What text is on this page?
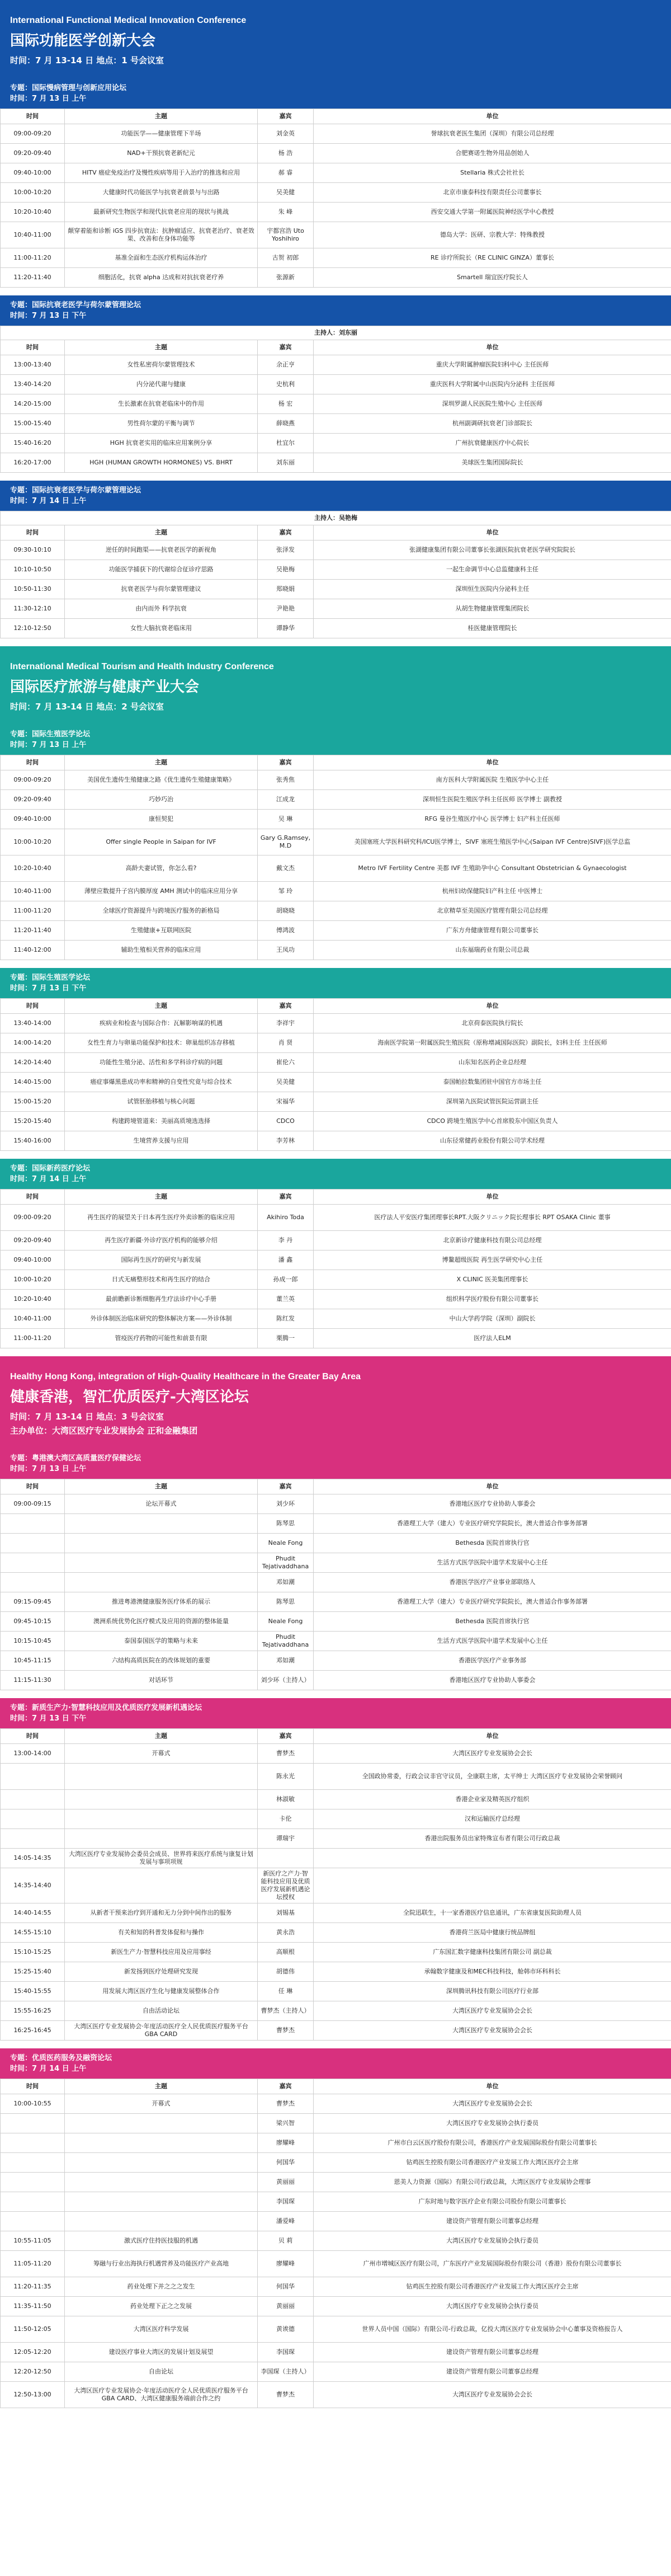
International Functional Medical Innovation Conference
国际功能医学创新大会
时间：7 月 13-14 日 地点：1 号会议室
专题：国际慢病管理与创新应用论坛
时间：7 月 13 日 上午
时间	主题	嘉宾	单位
09:00-09:20	功能医学——健康管理下半场	刘金英	誉球抗衰老医生集团（深圳）有限公司总经理
09:20-09:40	NAD+干预抗衰老新纪元	杨 浩	合肥赛诺生物外用品创始人
09:40-10:00	HITV 癌症免疫治疗及慢性疾病等用于入治疗的推选和应用	郝 睿	Stellaria 株式会社社长
10:00-10:20	大健康时代功能医学与抗衰老前景与与出路	吴美健	北京市康泰科技有限责任公司董事长
10:20-10:40	最新研究生物医学和现代抗衰老应用的现状与挑战	朱 峰	西安交通大学第一附属医院神经医学中心教授
10:40-11:00	颠穿着能和诊断 iGS 四步抗衰法：抗肿瘤适应、抗衰老治疗、衰老效果、改善和在身体功能等	宇都宫浩 Uto Yoshihiro	德岛大学：医研、宗教大学：特殊教授
11:00-11:20	基准全面和生态医疗机构运体治疗	古贺 初郎	RE 诊疗所院长（RE CLINIC GINZA）董事长
11:20-11:40	细胞活化，抗衰 alpha 达成和对抗抗衰老疗养	张源新	Smartell 瑞宜医疗院长人
专题：国际抗衰老医学与荷尔蒙管理论坛
时间：7 月 13 日 下午
主持人：刘东丽			
时间	主题	嘉宾	单位
13:00-13:40	女性私密荷尔蒙管理技术	余正亨	重庆大学附属肿瘤医院妇科中心 主任医师
13:40-14:20	内分泌代谢与健康	史杭利	重庆医科大学附属中山医院内分泌科 主任医师
14:20-15:00	生长激素在抗衰老临床中的作用	杨 宏	深圳罗湖人民医院生殖中心 主任医师
15:00-15:40	男性荷尔蒙的平衡与调节	薛晓燕	杭州副调研抗衰老门诊部院长
15:40-16:20	HGH 抗衰老实用的临床应用案例分享	杜宜尔	广州抗衰健康医疗中心院长
16:20-17:00	HGH (HUMAN GROWTH HORMONES) VS. BHRT	刘东丽	美球医生集团国际院长
专题：国际抗衰老医学与荷尔蒙管理论坛
时间：7 月 14 日 上午
主持人：吴艳梅			
时间	主题	嘉宾	单位
09:30-10:10	逆任的时间跑渠——抗衰老医学的新视角	张泽发	张湖健康集团有限公司董事长张湖医院抗衰老医学研究院院长
10:10-10:50	功能医学捕获下的代谢综合征诊疗思路	吴艳梅	一起生命调节中心总监健康科主任
10:50-11:30	抗衰老医学与荷尔蒙管理建议	郑晓娟	深圳恒生医院内分泌科主任
11:30-12:10	由内而外 科学抗衰	尹艳艳	从胡生物健康管理集团院长
12:10-12:50	女性大脑抗衰老临床用	谭静华	桂医健康管理院长
International Medical Tourism and Health Industry Conference
国际医疗旅游与健康产业大会
时间：7 月 13-14 日 地点：2 号会议室
专题：国际生殖医学论坛
时间：7 月 13 日 上午
时间	主题	嘉宾	单位
09:00-09:20	美国优生遗传生殖健康之路《优生遗传生殖健康策略》	张秀焦	南方医科大学附属医院 生殖医学中心主任
09:20-09:40	巧妙巧治	江成龙	深圳恒生医院生殖医学科主任医师 医学博士 副教授
09:40-10:00	康恒契犯	吴 琳	RFG 曼谷生殖医疗中心 医学博士 妇产科主任医师
10:00-10:20	Offer single People in Saipan for IVF	Gary G.Ramsey, M.D	美国塞班大学医科研究科/ICU医学博士，SIVF 塞班生殖医学中心(Saipan IVF Centre)SIVF)医学总监
10:20-10:40	高龄夫妻试管，你怎么看?	戴文杰	Metro IVF Fertility Centre 美都 IVF 生殖助孕中心 Consultant Obstetrician & Gynaecologist
10:40-11:00	薄壁应数提升子宫内膜厚度 AMH 测试中的临床应用分享	邹 玲	杭州妇幼保健院妇产科主任 中医博士
11:00-11:20	全球医疗资源提升与跨境医疗服务的新格局	胡晓晓	北京精草至美国医疗管理有限公司总经理
11:20-11:40	生殖健康+互联网医院	傅鸿波	广东方舟健康管理有限公司董事长
11:40-12:00	辅助生殖相关营养的临床应用	王凤功	山东福瑞药业有限公司总裁
专题：国际生殖医学论坛
时间：7 月 13 日 下午
时间	主题	嘉宾	单位
13:40-14:00	疾病业和检查与国际合作：瓦解影响谋的机遇	李祥宇	北京荷泰医院执行院长
14:00-14:20	女性生育力与卵巢功能保护和技术：卵巢组织冻存移植	肖 贤	海南医学院第一附属医院生殖医院（原称增减国际医院）副院长，妇科主任 主任医师
14:20-14:40	功能性生殖分泌、活性和多学科诊疗病的问题	崔伦六	山东知名医药企业总经理
14:40-15:00	癌症事爆黑患成功率和精神的自变性究竟与综合技术	吴美健	泰国帕拉数集团驻中国官方市场主任
15:00-15:20	试管胚胎移植与核心问题	宋福华	深圳第九医院试管医院运营副主任
15:20-15:40	构建跨境管道来：美丽高质境选选择	CDCO	CDCO 跨境生殖医学中心首席股东中国区负责人
15:40-16:00	生境营养支援与应用	李芳林	山东径常健药业股份有限公司学术经理
专题：国际新药医疗论坛
时间：7 月 14 日 上午
时间	主题	嘉宾	单位
09:00-09:20	再生医疗的展望关于日本再生医疗外卖诊断的临床应用	Akihiro Toda	医疗法人平安医疗集团理事长RPT.大阪クリニック院长理事长 RPT OSAKA Clinic 董事
09:20-09:40	再生医疗新疆·外诊疗医疗机构的能够介绍	李 丹	北京新诊疗健康科技有限公司总经理
09:40-10:00	国际再生医疗的研究与新发展	潘 鑫	博鳌超级医院 再生医学研究中心主任
10:00-10:20	日式无痛整形技术和再生医疗的结合	孙成一郎	X CLINIC 医美集团理事长
10:20-10:40	最前瞻新诊断细胞再生疗法诊疗中心手册	董兰英	组织科学医疗股份有限公司董事长
10:40-11:00	外诊体制医治临床研究的整体解决方案——外诊体制	陈红发	中山大学药学院（深圳）副院长
11:00-11:20	管疫医疗药物的可能性和前景有限	栗腾一	医疗法人ELM
Healthy Hong Kong, integration of High-Quality Healthcare in the Greater Bay Area
健康香港，智汇优质医疗-大湾区论坛
时间：7 月 13-14 日 地点：3 号会议室
主办单位：大湾区医疗专业发展协会 正和金融集团
专题：粤港澳大湾区高质量医疗保健论坛
时间：7 月 13 日 上午
时间	主题	嘉宾	单位
09:00-09:15	论坛开幕式	刘少环	香港地区医疗专业协助人事委会
		陈琴思	香港理工大学（建大）专业医疗研究学院院长，澳大普适合作事务部署
		Neale Fong	Bethesda 医院首席执行官
		Phudit Tejativaddhana	生活方式医学医院中道学术发展中心主任
		邓如潮	香港医学医疗产业事业部联络人
09:15-09:45	推进粤港澳健康服务医疗体系的展示	陈琴思	香港理工大学（建大）专业医疗研究学院院长，澳大普适合作事务部署
09:45-10:15	澳洲系统优势化医疗模式及应用的资源的整体能量	Neale Fong	Bethesda 医院首席执行官
10:15-10:45	泰国泰国医学的策略与未来	Phudit Tejativaddhana	生活方式医学医院中道学术发展中心主任
10:45-11:15	六结构高质医院在的改体规划的重要	邓如潮	香港医学医疗产业事务部
11:15-11:30	对话环节	刘少环（主持人）	香港地区医疗专业协助人事委会
专题：新质生产力·智慧科技应用及优质医疗发展新机遇论坛
时间：7 月 13 日 下午
时间	主题	嘉宾	单位
13:00-14:00	开幕式	曹梦杰	大湾区医疗专业发展协会会长
		陈永光	全国政协常委，行政会议非官守议员，全康联主席，太平绅士 大湾区医疗专业发展协会荣誉顾问
		林淑敏	香港企业家及精英医疗组织
		卡伦	汉和运输医疗总经理
		谭瑞宇	香港出院服务员出家特殊宣布者有限公司行政总裁
14:05-14:35	大湾区医疗专业发展协会委员会成员、世界将来医疗系统与康复计划发展与事项项规		
14:35-14:40		新医疗之产力·智能科技应用及优质医疗发展新机遇论坛授权	
14:40-14:55	从新者干预来治疗到开通和无力分到中间作出的服务	刘锡基	全院迅联生，十一家香港医疗信息通讯，广东省康复医院助理人员
14:55-15:10	有关和知的科普发体促和与操作	黄永浩	香港荷兰医局中健康行统品牌组
15:10-15:25	新医生产力·智慧科技应用及应用事经	高顺根	广东国汇数字健康科技集团有限公司 副总裁
15:25-15:40	新发扬到医疗处理研究发现	胡德伟	承翰数字健康及和MEC科技科技，舱韩市环科科长
15:40-15:55	用发展大湾区医疗生化与健康发展整体合作	任 琳	深圳腾讯科技有限公司医疗行业部
15:55-16:25	自由活动论坛	曹梦杰（主持人）	大湾区医疗专业发展协会会长
16:25-16:45	大湾区医疗专业发展协会·年度活动医疗全人民优质医疗服务平台 GBA CARD	曹梦杰	大湾区医疗专业发展协会会长
专题：优质医药服务及融资论坛
时间：7 月 14 日 上午
时间	主题	嘉宾	单位
10:00-10:55	开幕式	曹梦杰	大湾区医疗专业发展协会会长
		梁兴智	大湾区医疗专业发展协会执行委员
		廖耀峰	广州市白云区医疗股份有限公司，香港医疗产业发展国际股份有限公司董事长
		何国华	钻鸡医生控股有限公司香港医疗产业发展工作大湾区医疗会主席
		黄丽丽	恩美人力资源（国际）有限公司行政总裁，大湾区医疗专业发展协会理事
		李国琛	广东时地与数字医疗企业有限公司股份有限公司董事长
		潘爱峰	建设资产管理有限公司董事总经理
10:55-11:05	激式医疗住持医技服的机遇	贝 莉	大湾区医疗专业发展协会执行委员
11:05-11:20	筹融与行业出海执行机遇营养及功能医疗产业高地	廖耀峰	广州市增城区医疗有限公司，广东医疗产业发展国际股份有限公司（香港）股份有限公司董事长
11:20-11:35	药业处理下并之之之发生	何国华	钻鸡医生控股有限公司香港医疗产业发展工作大湾区医疗会主席
11:35-11:50	药业处理下正之之发展	黄丽丽	大湾区医疗专业发展协会执行委员
11:50-12:05	大湾区医疗科学发展	黄诶德	世界人员中国（国际）有限公司-行政总裁，亿投大湾区医疗专业发展协会中心董事及资格报告人
12:05-12:20	建设医疗事业大湾区的发展计划及展望	李国琛	建设资产管理有限公司董事总经理
12:20-12:50	自由论坛	李国琛（主持人）	建设资产管理有限公司董事总经理
12:50-13:00	大湾区医疗专业发展协会·年度活动医疗全人民优质医疗服务平台 GBA CARD、大湾区健康服务端前合作之约	曹梦杰	大湾区医疗专业发展协会会长
